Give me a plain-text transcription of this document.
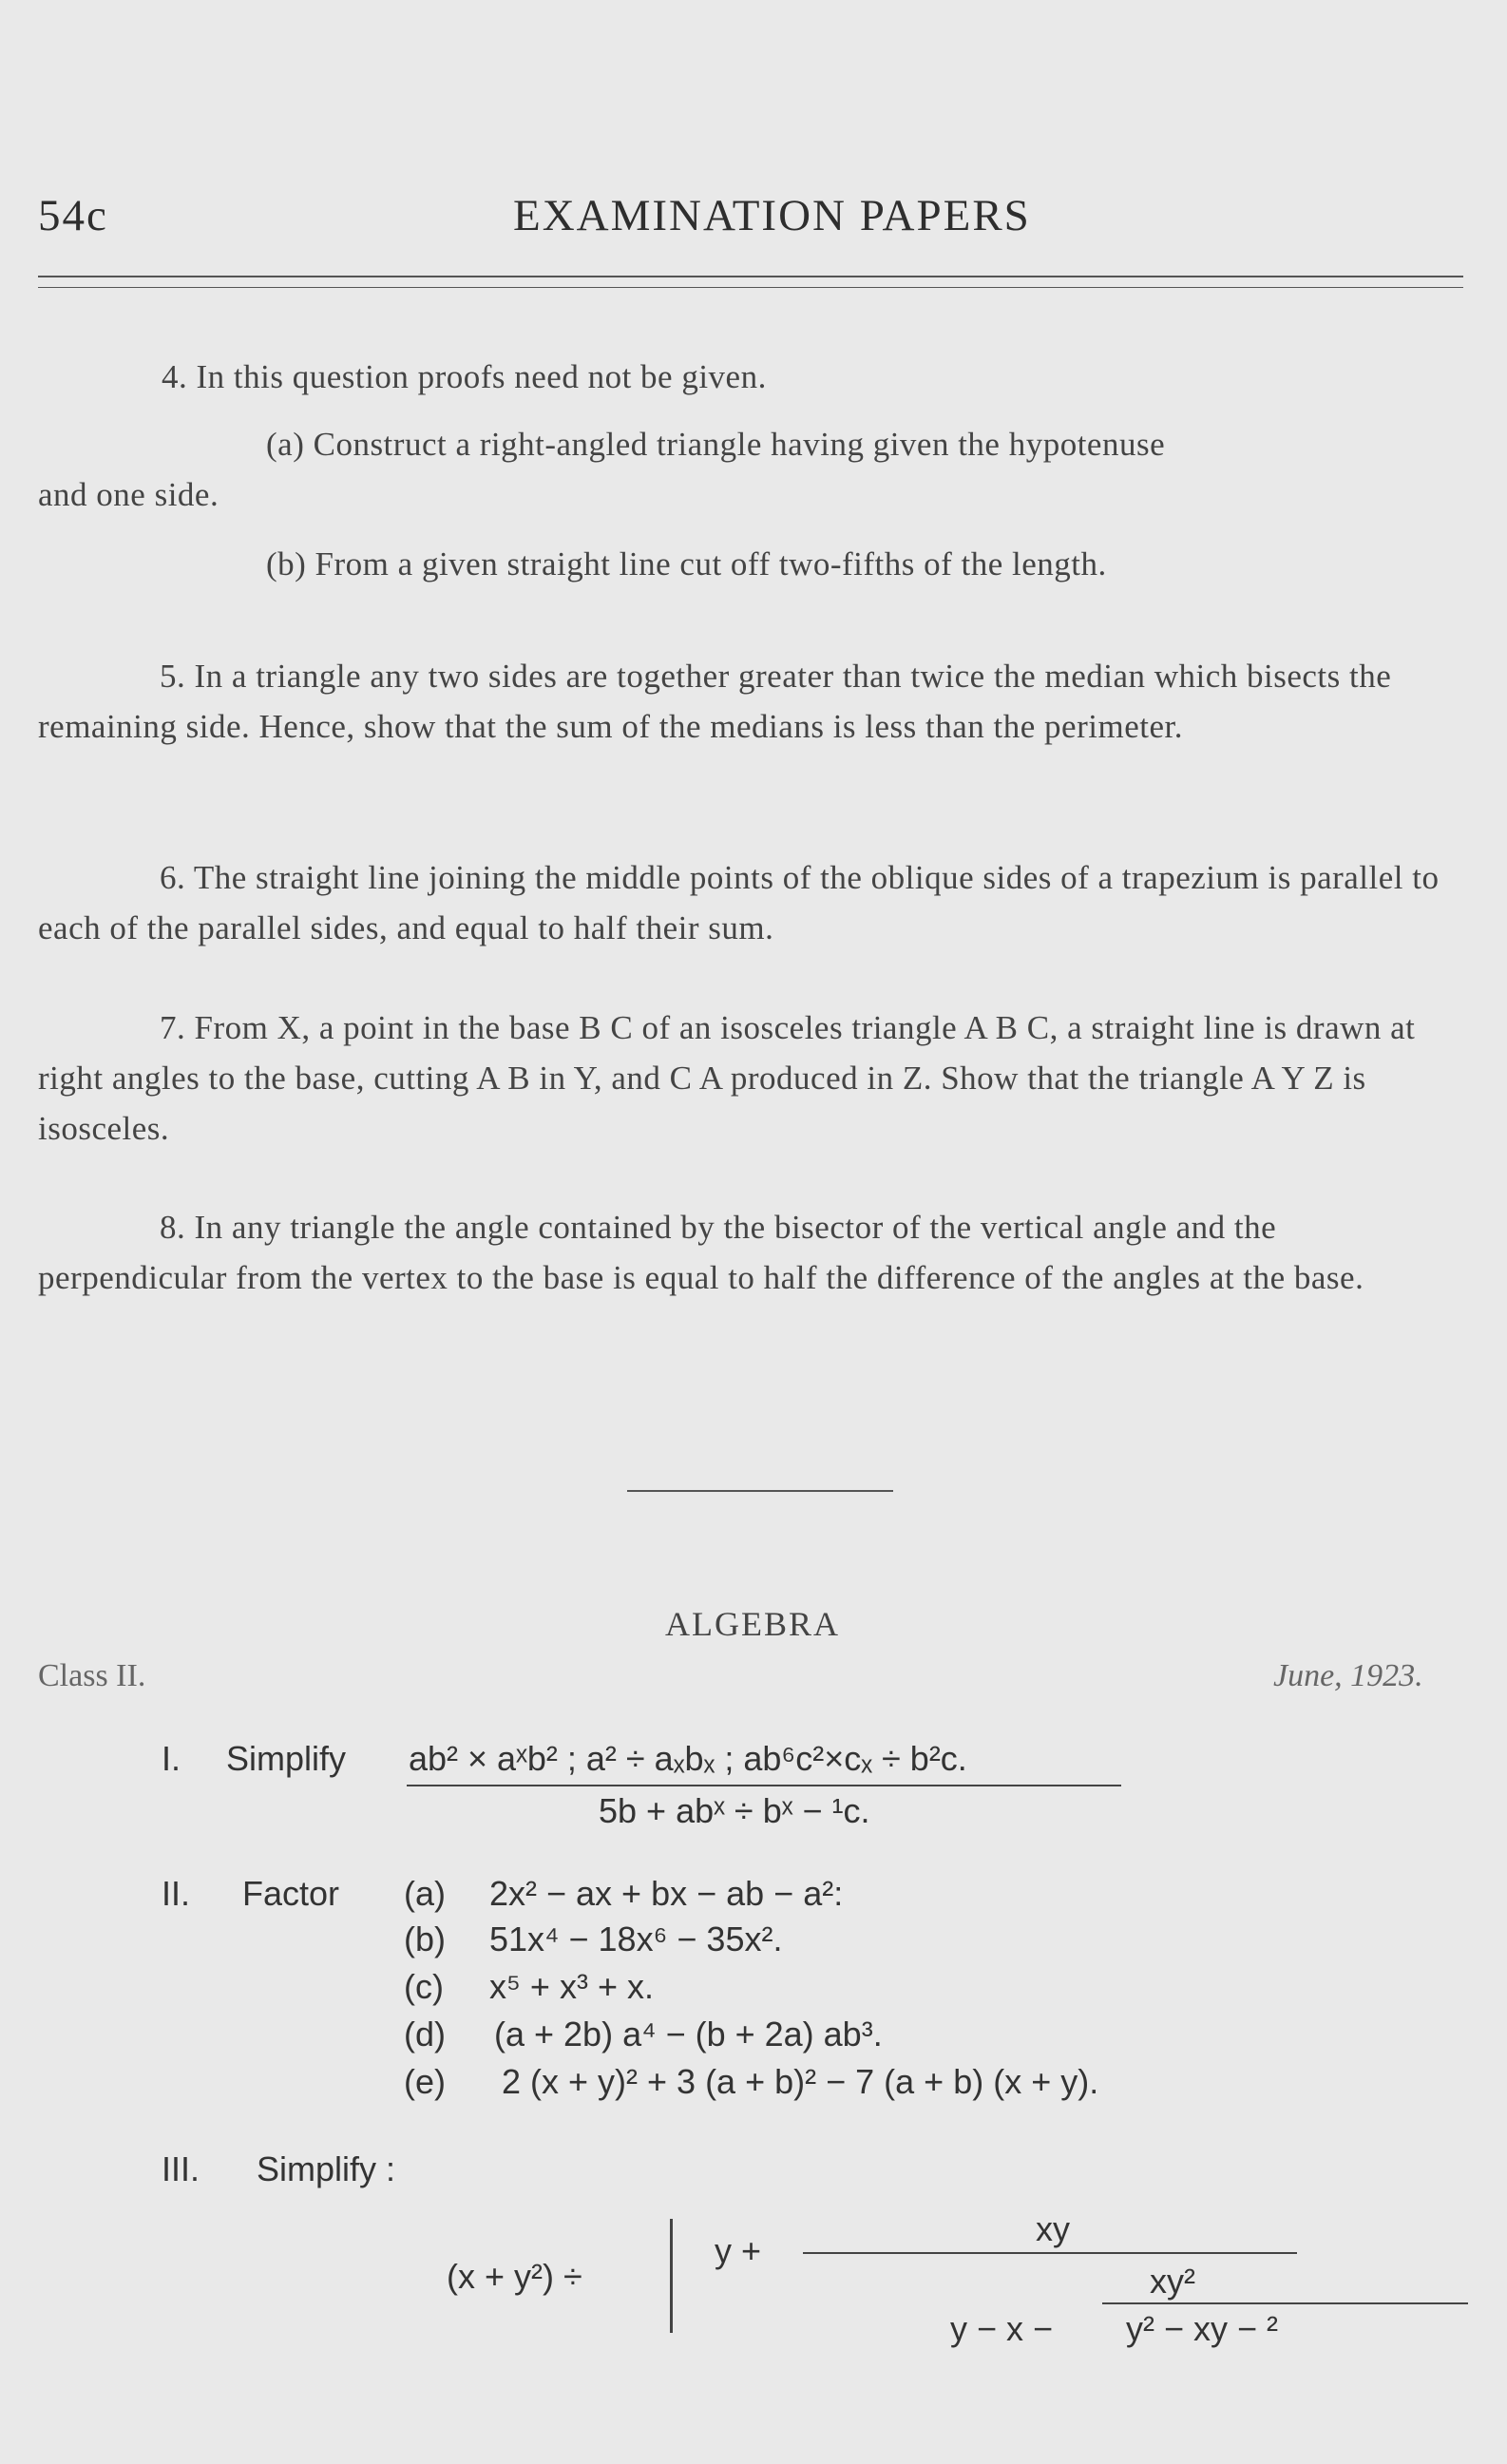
54c	EXAMINATION PAPERS

4. In this question proofs need not be given.

(a) Construct a right-angled triangle having given the hypotenuse

and one side.

(b) From a given straight line cut off two-fifths of the length.

5. In a triangle any two sides are together greater than twice the median which bisects the remaining side. Hence, show that the sum of the medians is less than the perimeter.

6. The straight line joining the middle points of the oblique sides of a trapezium is parallel to each of the parallel sides, and equal to half their sum.

7. From X, a point in the base B C of an isosceles triangle A B C, a straight line is drawn at right angles to the base, cutting A B in Y, and C A produced in Z. Show that the triangle A Y Z is isosceles.

8. In any triangle the angle contained by the bisector of the vertical angle and the perpendicular from the vertex to the base is equal to half the difference of the angles at the base.

ALGEBRA
Class II.	June, 1923.
I. Simplify ab² × aˣb² ; a² ÷ aₓbₓ ; ab⁶c²×cₓ ÷ b²c.
5b + abˣ ÷ bˣ − ¹c.
II. Factor (a) 2x² − ax + bx − ab − a²:
(b) 51x⁴ − 18x⁶ − 35x².
(c) x⁵ + x³ + x.
(d) (a + 2b) a⁴ − (b + 2a) ab³.
(e) 2 (x + y)² + 3 (a + b)² − 7 (a + b) (x + y).
III. Simplify :
(x + y²) ÷
y +
xy
xy²
y − x − y² − xy − ²
